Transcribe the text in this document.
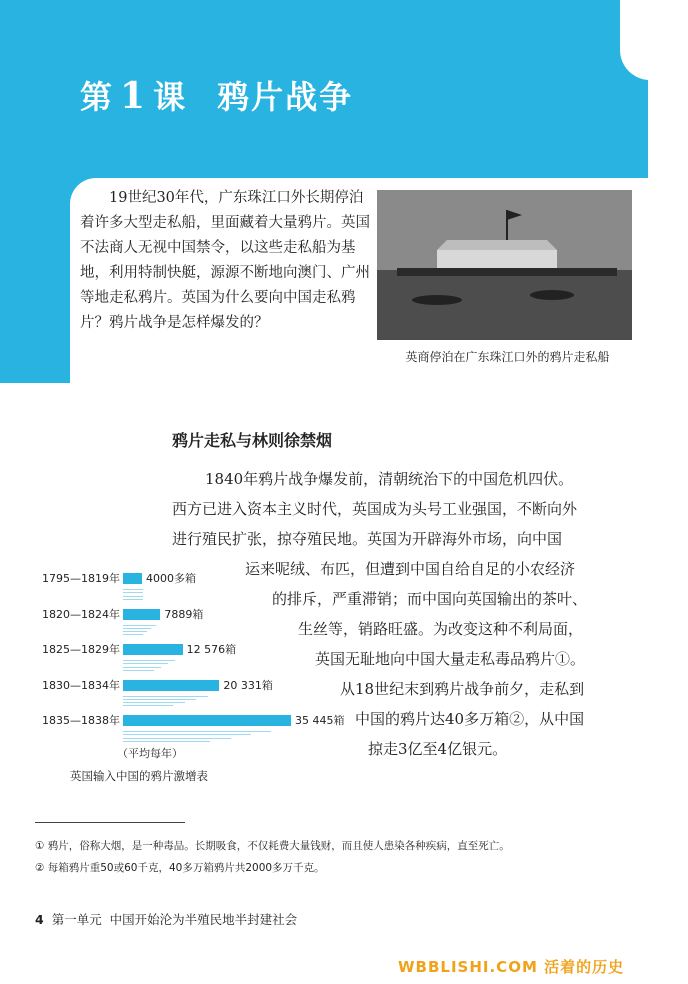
第 1 课 鸦片战争
19世纪30年代，广东珠江口外长期停泊着许多大型走私船，里面藏着大量鸦片。英国不法商人无视中国禁令，以这些走私船为基地，利用特制快艇，源源不断地向澳门、广州等地走私鸦片。英国为什么要向中国走私鸦片？鸦片战争是怎样爆发的？
英商停泊在广东珠江口外的鸦片走私船
鸦片走私与林则徐禁烟
1840年鸦片战争爆发前，清朝统治下的中国危机四伏。
西方已进入资本主义时代，英国成为头号工业强国，不断向外
进行殖民扩张，掠夺殖民地。英国为开辟海外市场，向中国
运来呢绒、布匹，但遭到中国自给自足的小农经济
的排斥，严重滞销；而中国向英国输出的茶叶、
生丝等，销路旺盛。为改变这种不利局面，
英国无耻地向中国大量走私毒品鸦片①。
从18世纪末到鸦片战争前夕，走私到
中国的鸦片达40多万箱②，从中国
掠走3亿至4亿银元。
1795—1819年 4000多箱
1820—1824年	7889箱
1825—1829年	12 576箱
1830—1834年	20 331箱
1835—1838年	35 445箱
（平均每年）
英国输入中国的鸦片激增表
① 鸦片，俗称大烟，是一种毒品。长期吸食，不仅耗费大量钱财，而且使人患染各种疾病，直至死亡。
② 每箱鸦片重50或60千克，40多万箱鸦片共2000多万千克。
4 第一单元 中国开始沦为半殖民地半封建社会
WBBLISHI.COM 活着的历史
